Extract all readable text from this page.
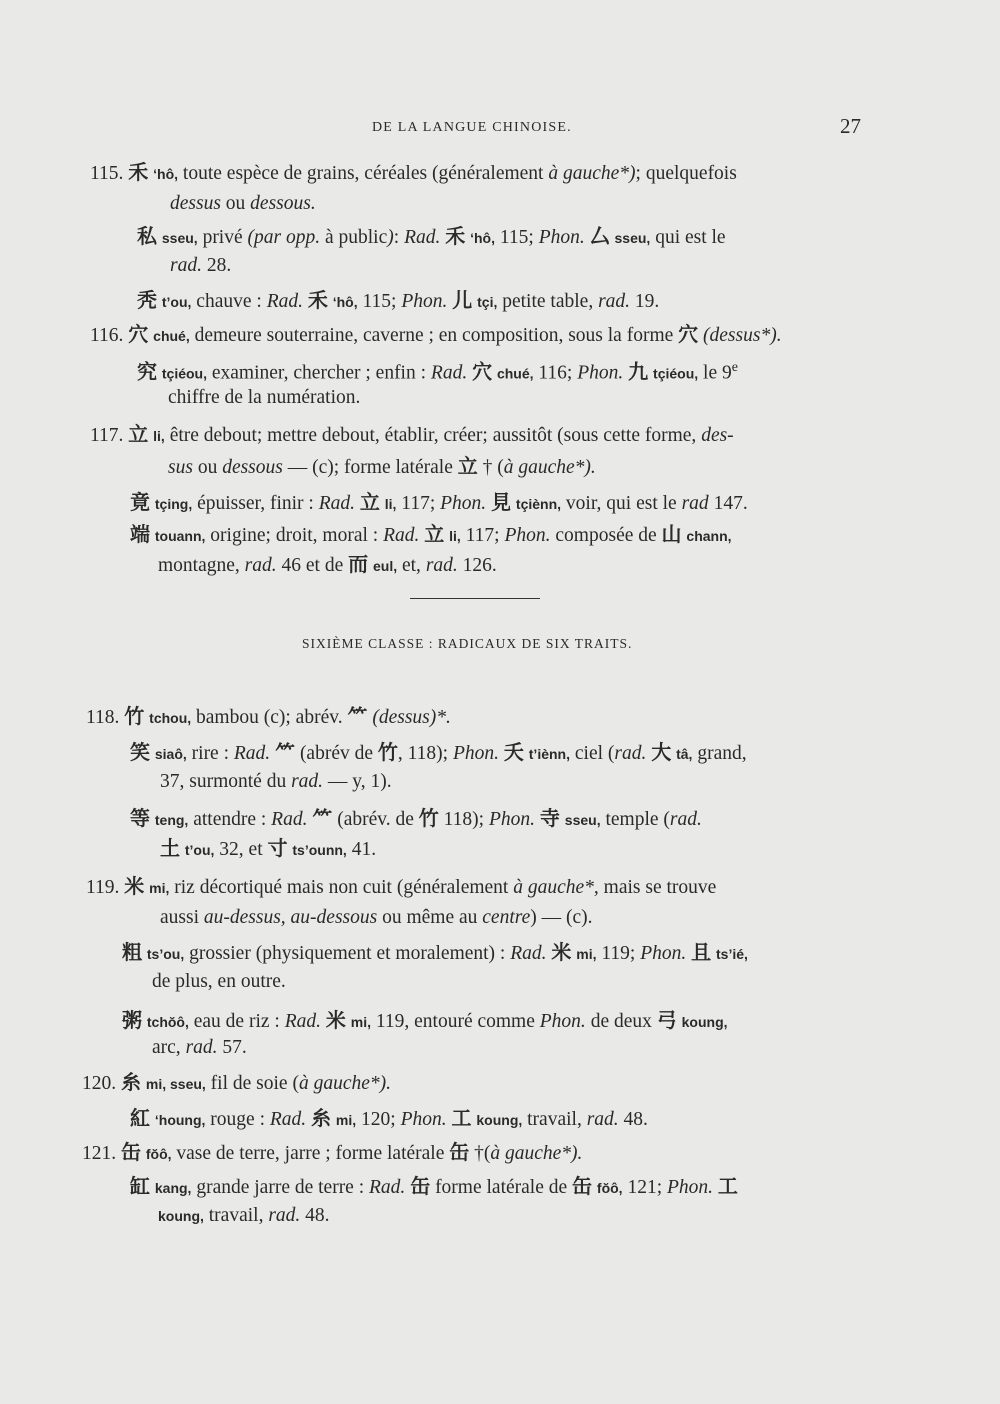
DE LA LANGUE CHINOISE.	27
115. 禾 ‘hô, toute espèce de grains, céréales (généralement à gauche*); quelquefois
dessus ou dessous.
私 sseu, privé (par opp. à public): Rad. 禾 ‘hô, 115; Phon. 厶 sseu, qui est le
rad. 28.
秃 t’ou, chauve : Rad. 禾 ‘hô, 115; Phon. 儿 tçi, petite table, rad. 19.
116. 穴 chué, demeure souterraine, caverne ; en composition, sous la forme 穴 (dessus*).
究 tçiéou, examiner, chercher ; enfin : Rad. 穴 chué, 116; Phon. 九 tçiéou, le 9e
chiffre de la numération.
117. 立 li, être debout; mettre debout, établir, créer; aussitôt (sous cette forme, des-
sus ou dessous — (c); forme latérale 立 † (à gauche*).
竟 tçing, épuisser, finir : Rad. 立 li, 117; Phon. 見 tçiènn, voir, qui est le rad 147.
端 touann, origine; droit, moral : Rad. 立 li, 117; Phon. composée de 山 chann,
montagne, rad. 46 et de 而 eul, et, rad. 126.
SIXIÈME CLASSE : RADICAUX DE SIX TRAITS.
118. 竹 tchou, bambou (c); abrév. ⺮ (dessus)*.
笑 siaô, rire : Rad. ⺮ (abrév de 竹, 118); Phon. 夭 t’iènn, ciel (rad. 大 tâ, grand,
37, surmonté du rad. — y, 1).
等 teng, attendre : Rad. ⺮ (abrév. de 竹 118); Phon. 寺 sseu, temple (rad.
土 t’ou, 32, et 寸 ts’ounn, 41.
119. 米 mi, riz décortiqué mais non cuit (généralement à gauche*, mais se trouve
aussi au-dessus, au-dessous ou même au centre) — (c).
粗 ts’ou, grossier (physiquement et moralement) : Rad. 米 mi, 119; Phon. 且 ts’ié,
de plus, en outre.
粥 tchŏô, eau de riz : Rad. 米 mi, 119, entouré comme Phon. de deux 弓 koung,
arc, rad. 57.
120. 糸 mi, sseu, fil de soie (à gauche*).
紅 ‘houng, rouge : Rad. 糸 mi, 120; Phon. 工 koung, travail, rad. 48.
121. 缶 fŏô, vase de terre, jarre ; forme latérale 缶 †(à gauche*).
缸 kang, grande jarre de terre : Rad. 缶 forme latérale de 缶 fŏô, 121; Phon. 工
koung, travail, rad. 48.
